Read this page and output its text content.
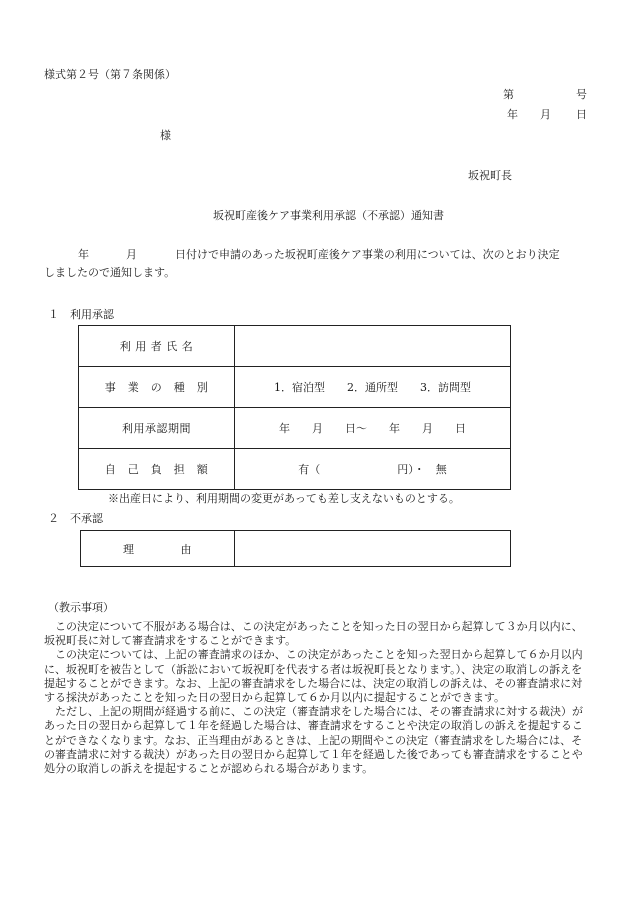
様式第２号（第７条関係）
第	号
年 月 日
様
坂祝町長
坂祝町産後ケア事業利用承認（不承認）通知書
年	月	日付けで申請のあった坂祝町産後ケア事業の利用については、次のとおり決定
しましたので通知します。
１　利用承認
利 用 者 氏 名	
事　業　の　種　別	1．宿泊型　　2．通所型　　3．訪問型
利用承認期間	年　　月　　日～　　年　　月　　日
自　己　負　担　額	有（　　　　　　　円）・　無
※出産日により、利用期間の変更があっても差し支えないものとする。
２　不承認
理　　　　由	
（教示事項）

　この決定について不服がある場合は、この決定があったことを知った日の翌日から起算して３か月以内に、坂祝町長に対して審査請求をすることができます。

　この決定については、上記の審査請求のほか、この決定があったことを知った翌日から起算して６か月以内に、坂祝町を被告として（訴訟において坂祝町を代表する者は坂祝町長となります。）、決定の取消しの訴えを提起することができます。なお、上記の審査請求をした場合には、決定の取消しの訴えは、その審査請求に対する採決があったことを知った日の翌日から起算して６か月以内に提起することができます。

　ただし、上記の期間が経過する前に、この決定（審査請求をした場合には、その審査請求に対する裁決）があった日の翌日から起算して１年を経過した場合は、審査請求をすることや決定の取消しの訴えを提起することができなくなります。なお、正当理由があるときは、上記の期間やこの決定（審査請求をした場合には、その審査請求に対する裁決）があった日の翌日から起算して１年を経過した後であっても審査請求をすることや処分の取消しの訴えを提起することが認められる場合があります。
